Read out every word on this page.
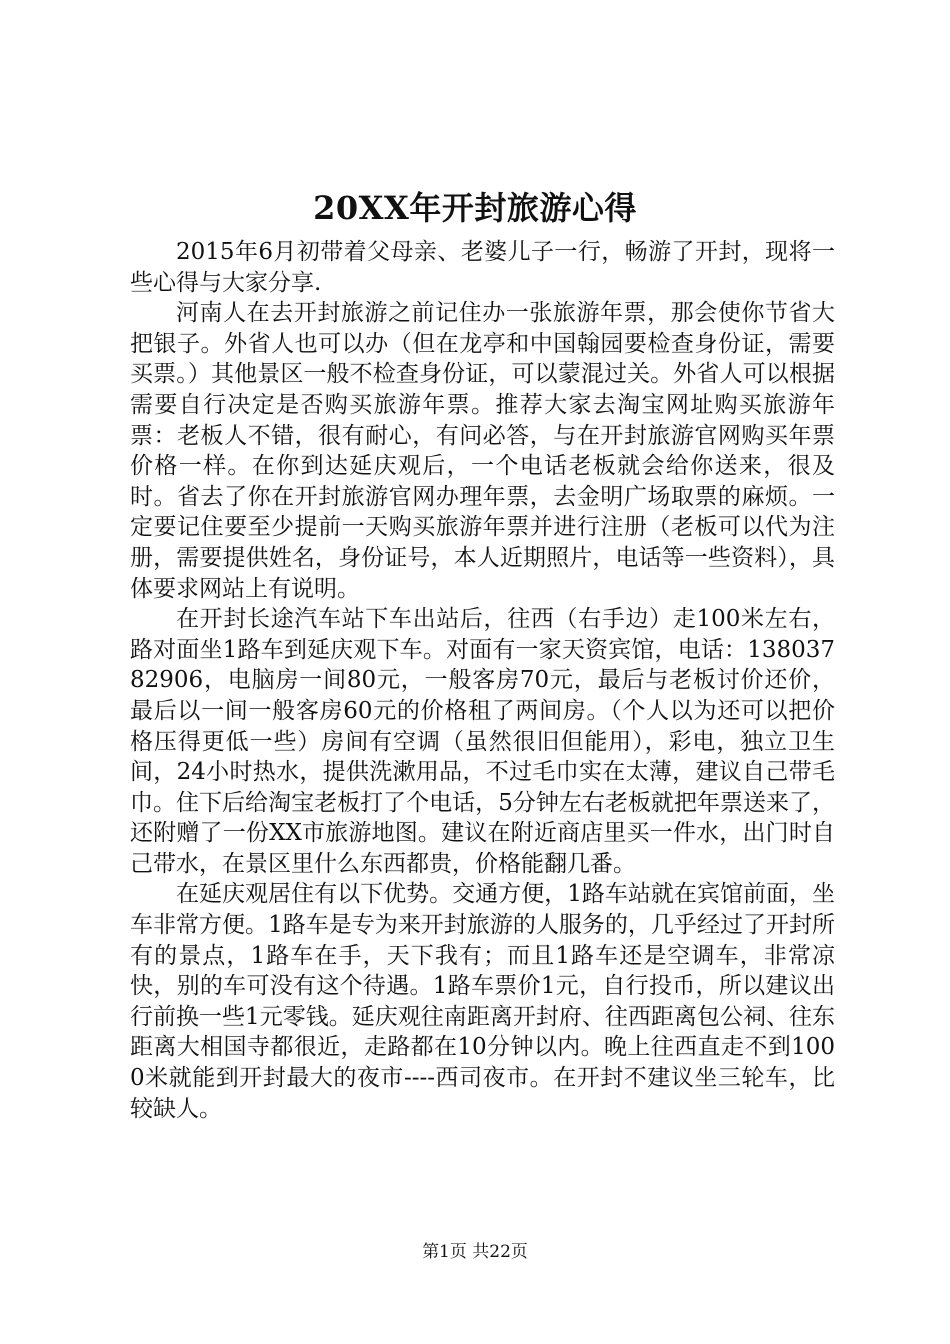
20XX年开封旅游心得

2015年6月初带着父母亲、老婆儿子一行，畅游了开封，现将一些心得与大家分享.

河南人在去开封旅游之前记住办一张旅游年票，那会使你节省大把银子。外省人也可以办（但在龙亭和中国翰园要检查身份证，需要买票。）其他景区一般不检查身份证，可以蒙混过关。外省人可以根据需要自行决定是否购买旅游年票。推荐大家去淘宝网址购买旅游年票：老板人不错，很有耐心，有问必答，与在开封旅游官网购买年票价格一样。在你到达延庆观后，一个电话老板就会给你送来，很及时。省去了你在开封旅游官网办理年票，去金明广场取票的麻烦。一定要记住要至少提前一天购买旅游年票并进行注册（老板可以代为注册，需要提供姓名，身份证号，本人近期照片，电话等一些资料），具体要求网站上有说明。

在开封长途汽车站下车出站后，往西（右手边）走100米左右，路对面坐1路车到延庆观下车。对面有一家天资宾馆，电话：13803782906，电脑房一间80元，一般客房70元，最后与老板讨价还价，最后以一间一般客房60元的价格租了两间房。（个人以为还可以把价格压得更低一些）房间有空调（虽然很旧但能用），彩电，独立卫生间，24小时热水，提供洗漱用品，不过毛巾实在太薄，建议自己带毛巾。住下后给淘宝老板打了个电话，5分钟左右老板就把年票送来了，还附赠了一份XX市旅游地图。建议在附近商店里买一件水，出门时自己带水，在景区里什么东西都贵，价格能翻几番。

在延庆观居住有以下优势。交通方便，1路车站就在宾馆前面，坐车非常方便。1路车是专为来开封旅游的人服务的，几乎经过了开封所有的景点，1路车在手，天下我有；而且1路车还是空调车，非常凉快，别的车可没有这个待遇。1路车票价1元，自行投币，所以建议出行前换一些1元零钱。延庆观往南距离开封府、往西距离包公祠、往东距离大相国寺都很近，走路都在10分钟以内。晚上往西直走不到1000米就能到开封最大的夜市----西司夜市。在开封不建议坐三轮车，比较缺人。

第1页 共22页
